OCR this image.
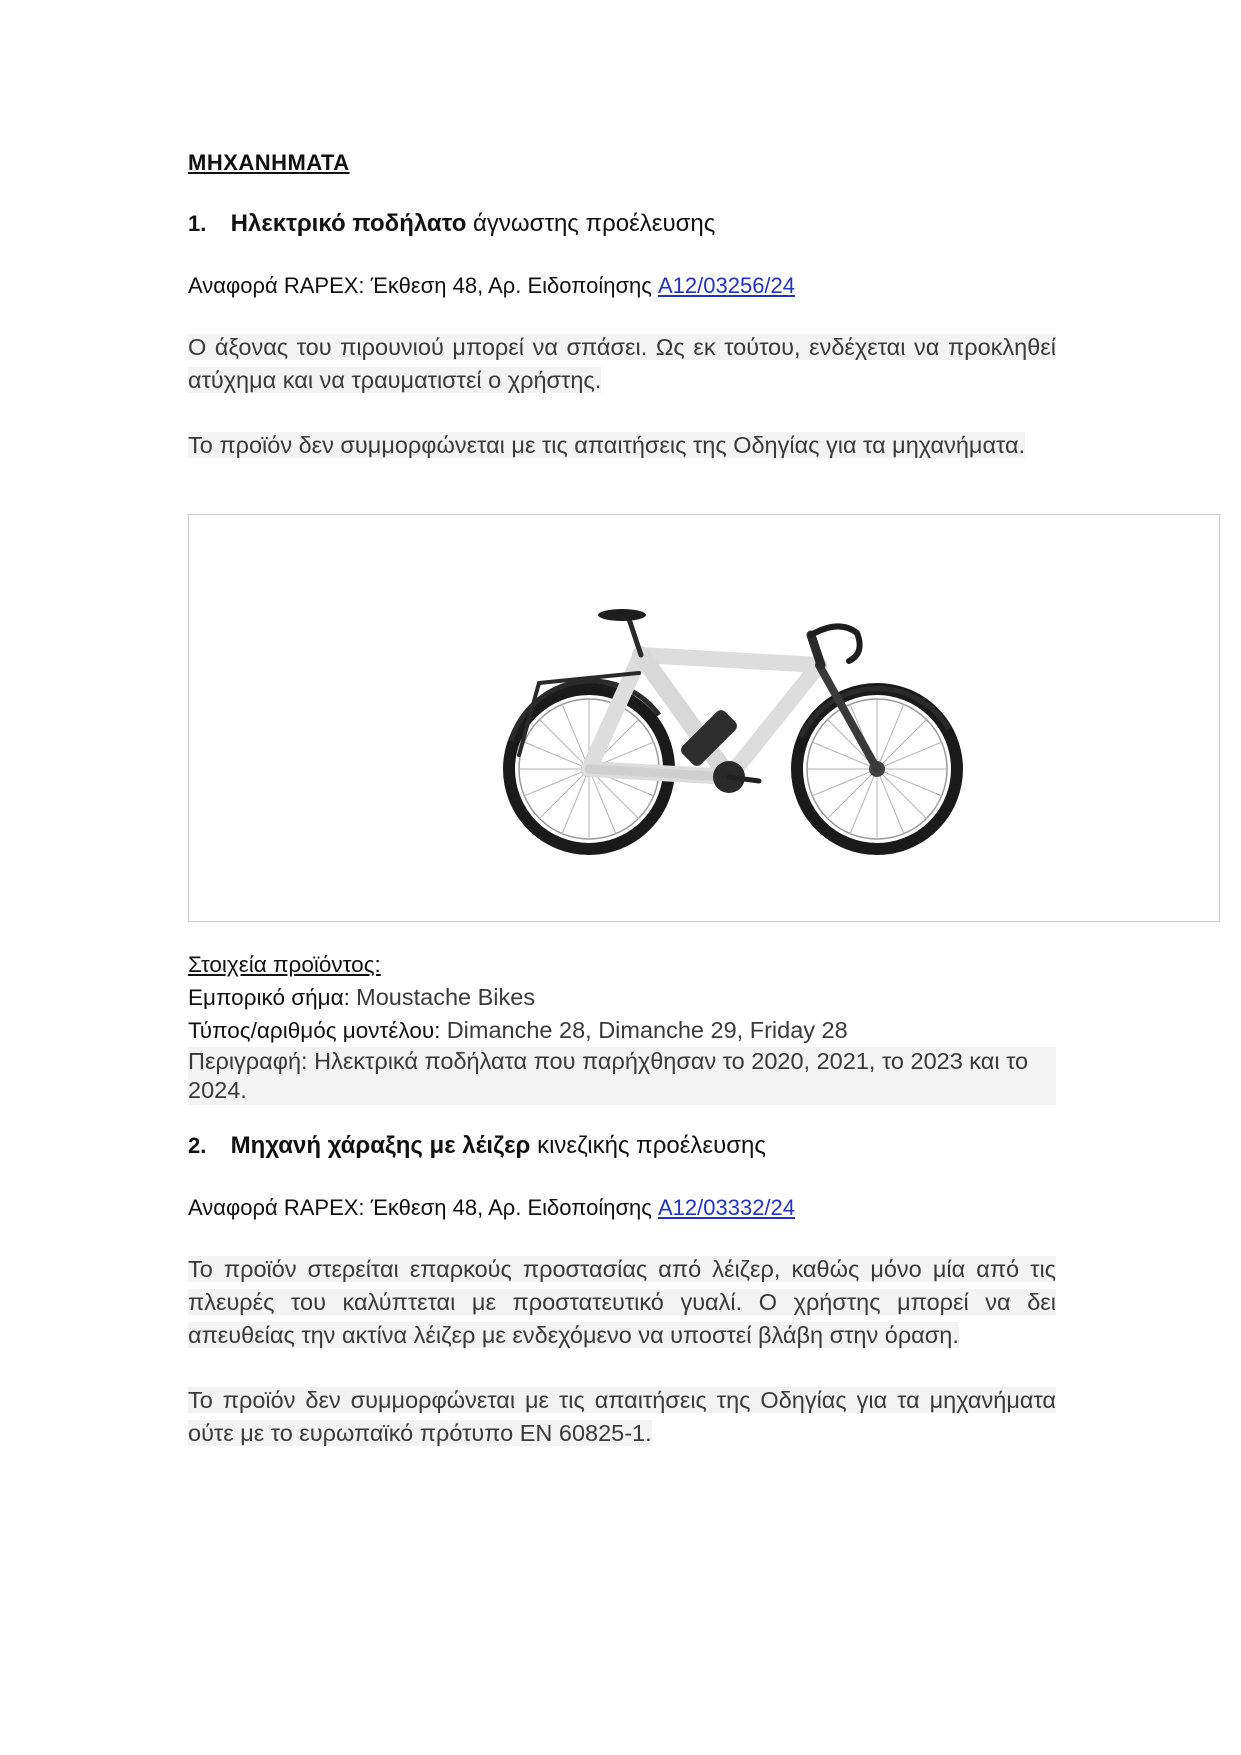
ΜΗΧΑΝΗΜΑΤΑ
1. Ηλεκτρικό ποδήλατο άγνωστης προέλευσης
Αναφορά RAPEX: Έκθεση 48, Αρ. Ειδοποίησης A12/03256/24
Ο άξονας του πιρουνιού μπορεί να σπάσει. Ως εκ τούτου, ενδέχεται να προκληθεί ατύχημα και να τραυματιστεί ο χρήστης.
Το προϊόν δεν συμμορφώνεται με τις απαιτήσεις της Οδηγίας για τα μηχανήματα.
Στοιχεία προϊόντος:
Εμπορικό σήμα: Moustache Bikes
Τύπος/αριθμός μοντέλου: Dimanche 28, Dimanche 29, Friday 28
Περιγραφή: Ηλεκτρικά ποδήλατα που παρήχθησαν το 2020, 2021, το 2023 και το 2024.
2. Μηχανή χάραξης με λέιζερ κινεζικής προέλευσης
Αναφορά RAPEX: Έκθεση 48, Αρ. Ειδοποίησης A12/03332/24
Το προϊόν στερείται επαρκούς προστασίας από λέιζερ, καθώς μόνο μία από τις πλευρές του καλύπτεται με προστατευτικό γυαλί. Ο χρήστης μπορεί να δει απευθείας την ακτίνα λέιζερ με ενδεχόμενο να υποστεί βλάβη στην όραση.
Το προϊόν δεν συμμορφώνεται με τις απαιτήσεις της Οδηγίας για τα μηχανήματα ούτε με το ευρωπαϊκό πρότυπο EN 60825-1.
